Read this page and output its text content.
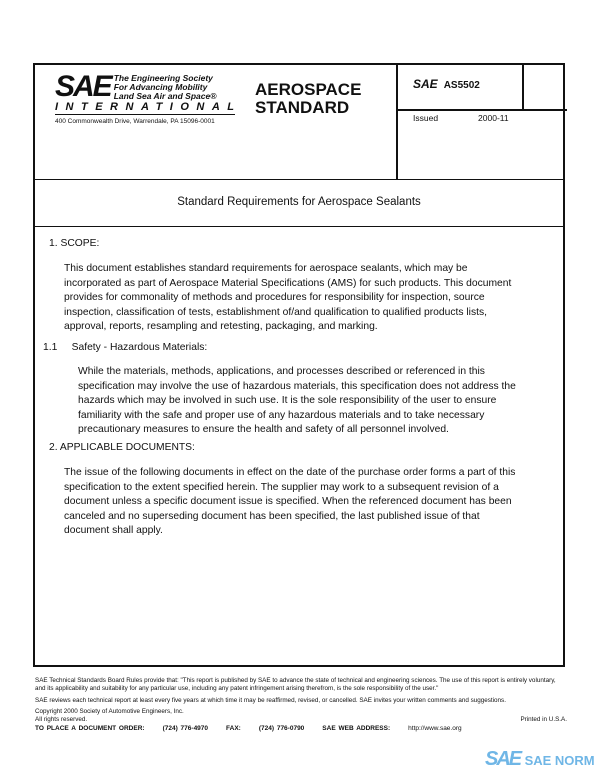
SAE The Engineering Society
For Advancing Mobility
Land Sea Air and Space®
INTERNATIONAL
400 Commonwealth Drive, Warrendale, PA 15096-0001
AEROSPACE
STANDARD
SAE AS5502
Issued	2000-11
Standard Requirements for Aerospace Sealants
1. SCOPE:
This document establishes standard requirements for aerospace sealants, which may be incorporated as part of Aerospace Material Specifications (AMS) for such products. This document provides for commonality of methods and procedures for responsibility for inspection, source inspection, classification of tests, establishment of/and qualification to qualified products lists, approval, reports, resampling and retesting, packaging, and marking.
1.1     Safety - Hazardous Materials:
While the materials, methods, applications, and processes described or referenced in this specification may involve the use of hazardous materials, this specification does not address the hazards which may be involved in such use. It is the sole responsibility of the user to ensure familiarity with the safe and proper use of any hazardous materials and to take necessary precautionary measures to ensure the health and safety of all personnel involved.
2. APPLICABLE DOCUMENTS:
The issue of the following documents in effect on the date of the purchase order forms a part of this specification to the extent specified herein. The supplier may work to a subsequent revision of a document unless a specific document issue is specified. When the referenced document has been canceled and no superseding document has been specified, the last published issue of that document shall apply.
SAE Technical Standards Board Rules provide that: "This report is published by SAE to advance the state of technical and engineering sciences. The use of this report is entirely voluntary, and its applicability and suitability for any particular use, including any patent infringement arising therefrom, is the sole responsibility of the user."
SAE reviews each technical report at least every five years at which time it may be reaffirmed, revised, or cancelled. SAE invites your written comments and suggestions.
Copyright 2000 Society of Automotive Engineers, Inc.
All rights reserved.	Printed in U.S.A.
TO PLACE A DOCUMENT ORDER:	(724) 776-4970	FAX:	(724) 776-0790	SAE WEB ADDRESS:	http://www.sae.org
SAE SAE NORM
